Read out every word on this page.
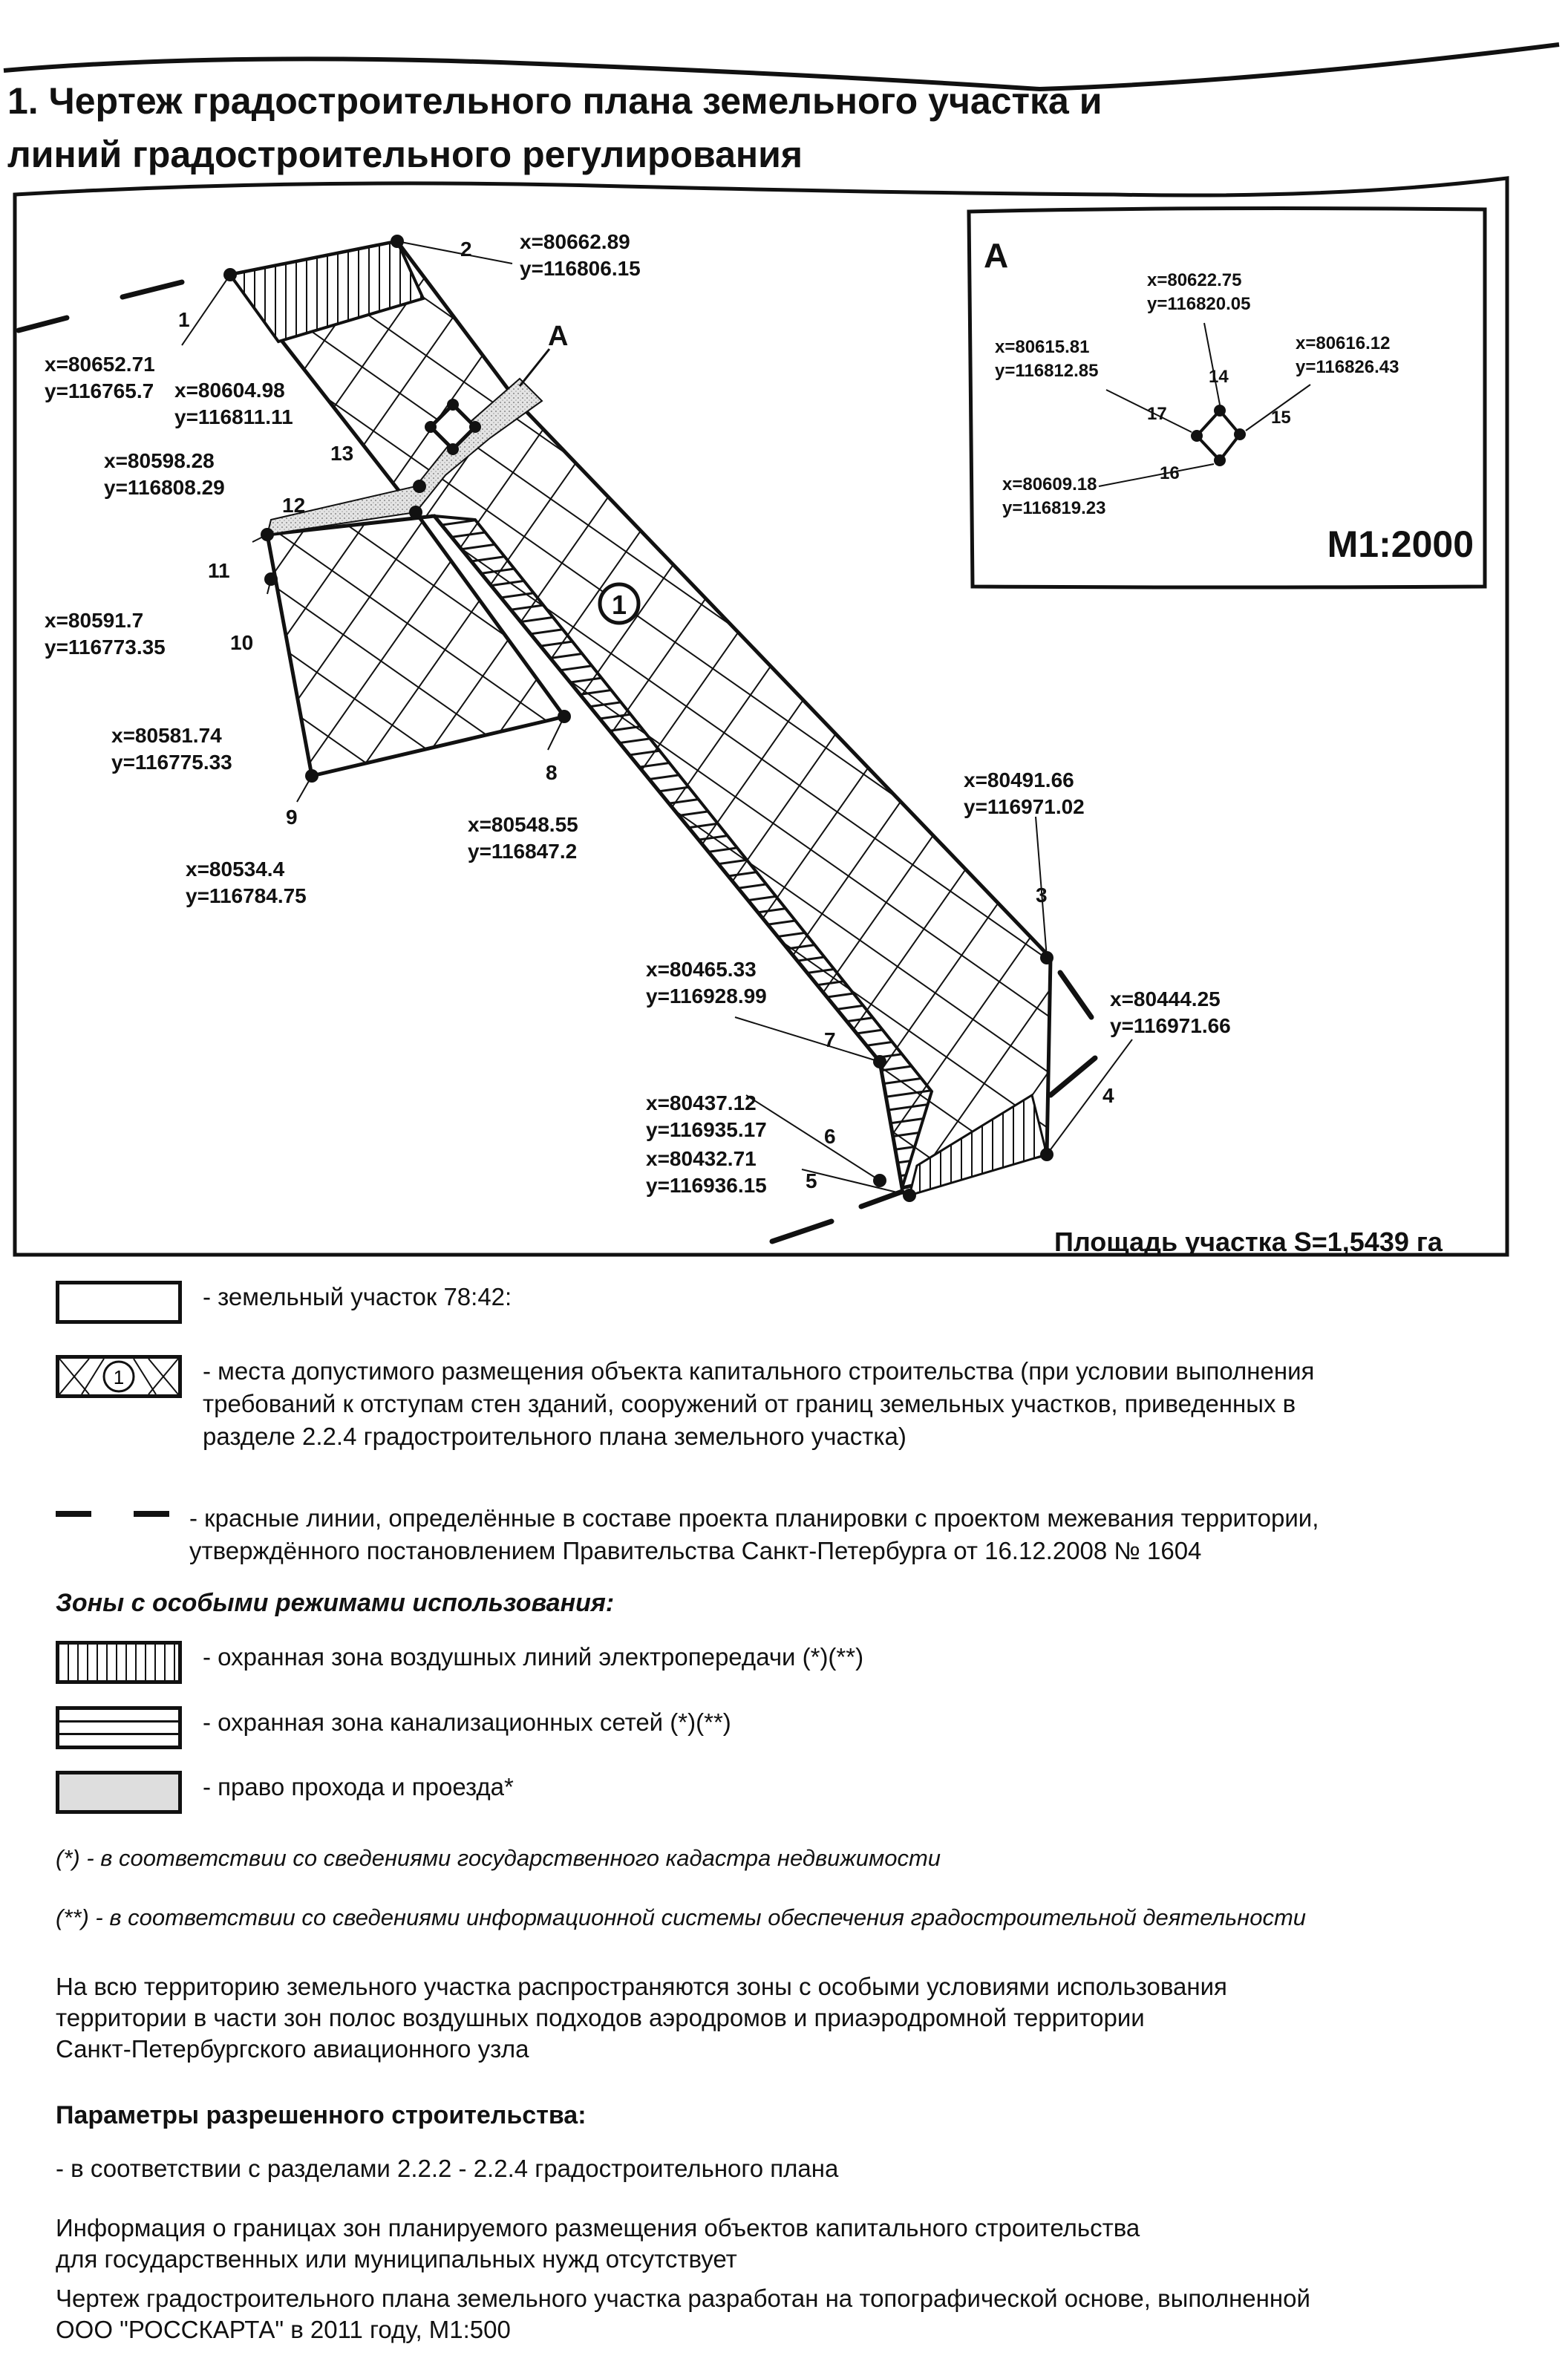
1. Чертеж градостроительного плана земельного участка и
линий градостроительного регулирования
1
A
1
x=80652.71
y=116765.7
2 x=80662.89
y=116806.15
3
x=80491.66
y=116971.02
4
x=80444.25
y=116971.66
5
x=80432.71
y=116936.15
6
x=80437.12
y=116935.17
7
x=80465.33
y=116928.99
8
x=80548.55
y=116847.2
9
x=80534.4
y=116784.75
10
x=80581.74
y=116775.33
11
x=80591.7
y=116773.35
12
x=80598.28
y=116808.29
13
x=80604.98
y=116811.11
Площадь участка S=1,5439 га
A
x=80622.75
y=116820.05
14
x=80616.12
y=116826.43
15
x=80609.18
y=116819.23
16
x=80615.81
y=116812.85
17
М1:2000
- земельный участок 78:42:
1	- места допустимого размещения объекта капитального строительства (при условии выполнения
требований к отступам стен зданий, сооружений от границ земельных участков, приведенных в
разделе 2.2.4 градостроительного плана земельного участка)
- красные линии, определённые в составе проекта планировки с проектом межевания территории,
утверждённого постановлением Правительства Санкт-Петербурга от 16.12.2008 № 1604
Зоны с особыми режимами использования:
- охранная зона воздушных линий электропередачи (*)(**)
- охранная зона канализационных сетей (*)(**)
- право прохода и проезда*
(*) - в соответствии со сведениями государственного кадастра недвижимости
(**) - в соответствии со сведениями информационной системы обеспечения градостроительной деятельности
На всю территорию земельного участка распространяются зоны с особыми условиями использования
территории в части зон полос воздушных подходов аэродромов и приаэродромной территории
Санкт-Петербургского авиационного узла
Параметры разрешенного строительства:
- в соответствии с разделами 2.2.2 - 2.2.4 градостроительного плана
Информация о границах зон планируемого размещения объектов капитального строительства
для государственных или муниципальных нужд отсутствует
Чертеж градостроительного плана земельного участка разработан на топографической основе, выполненной
ООО "РОССКАРТА" в 2011 году, М1:500
